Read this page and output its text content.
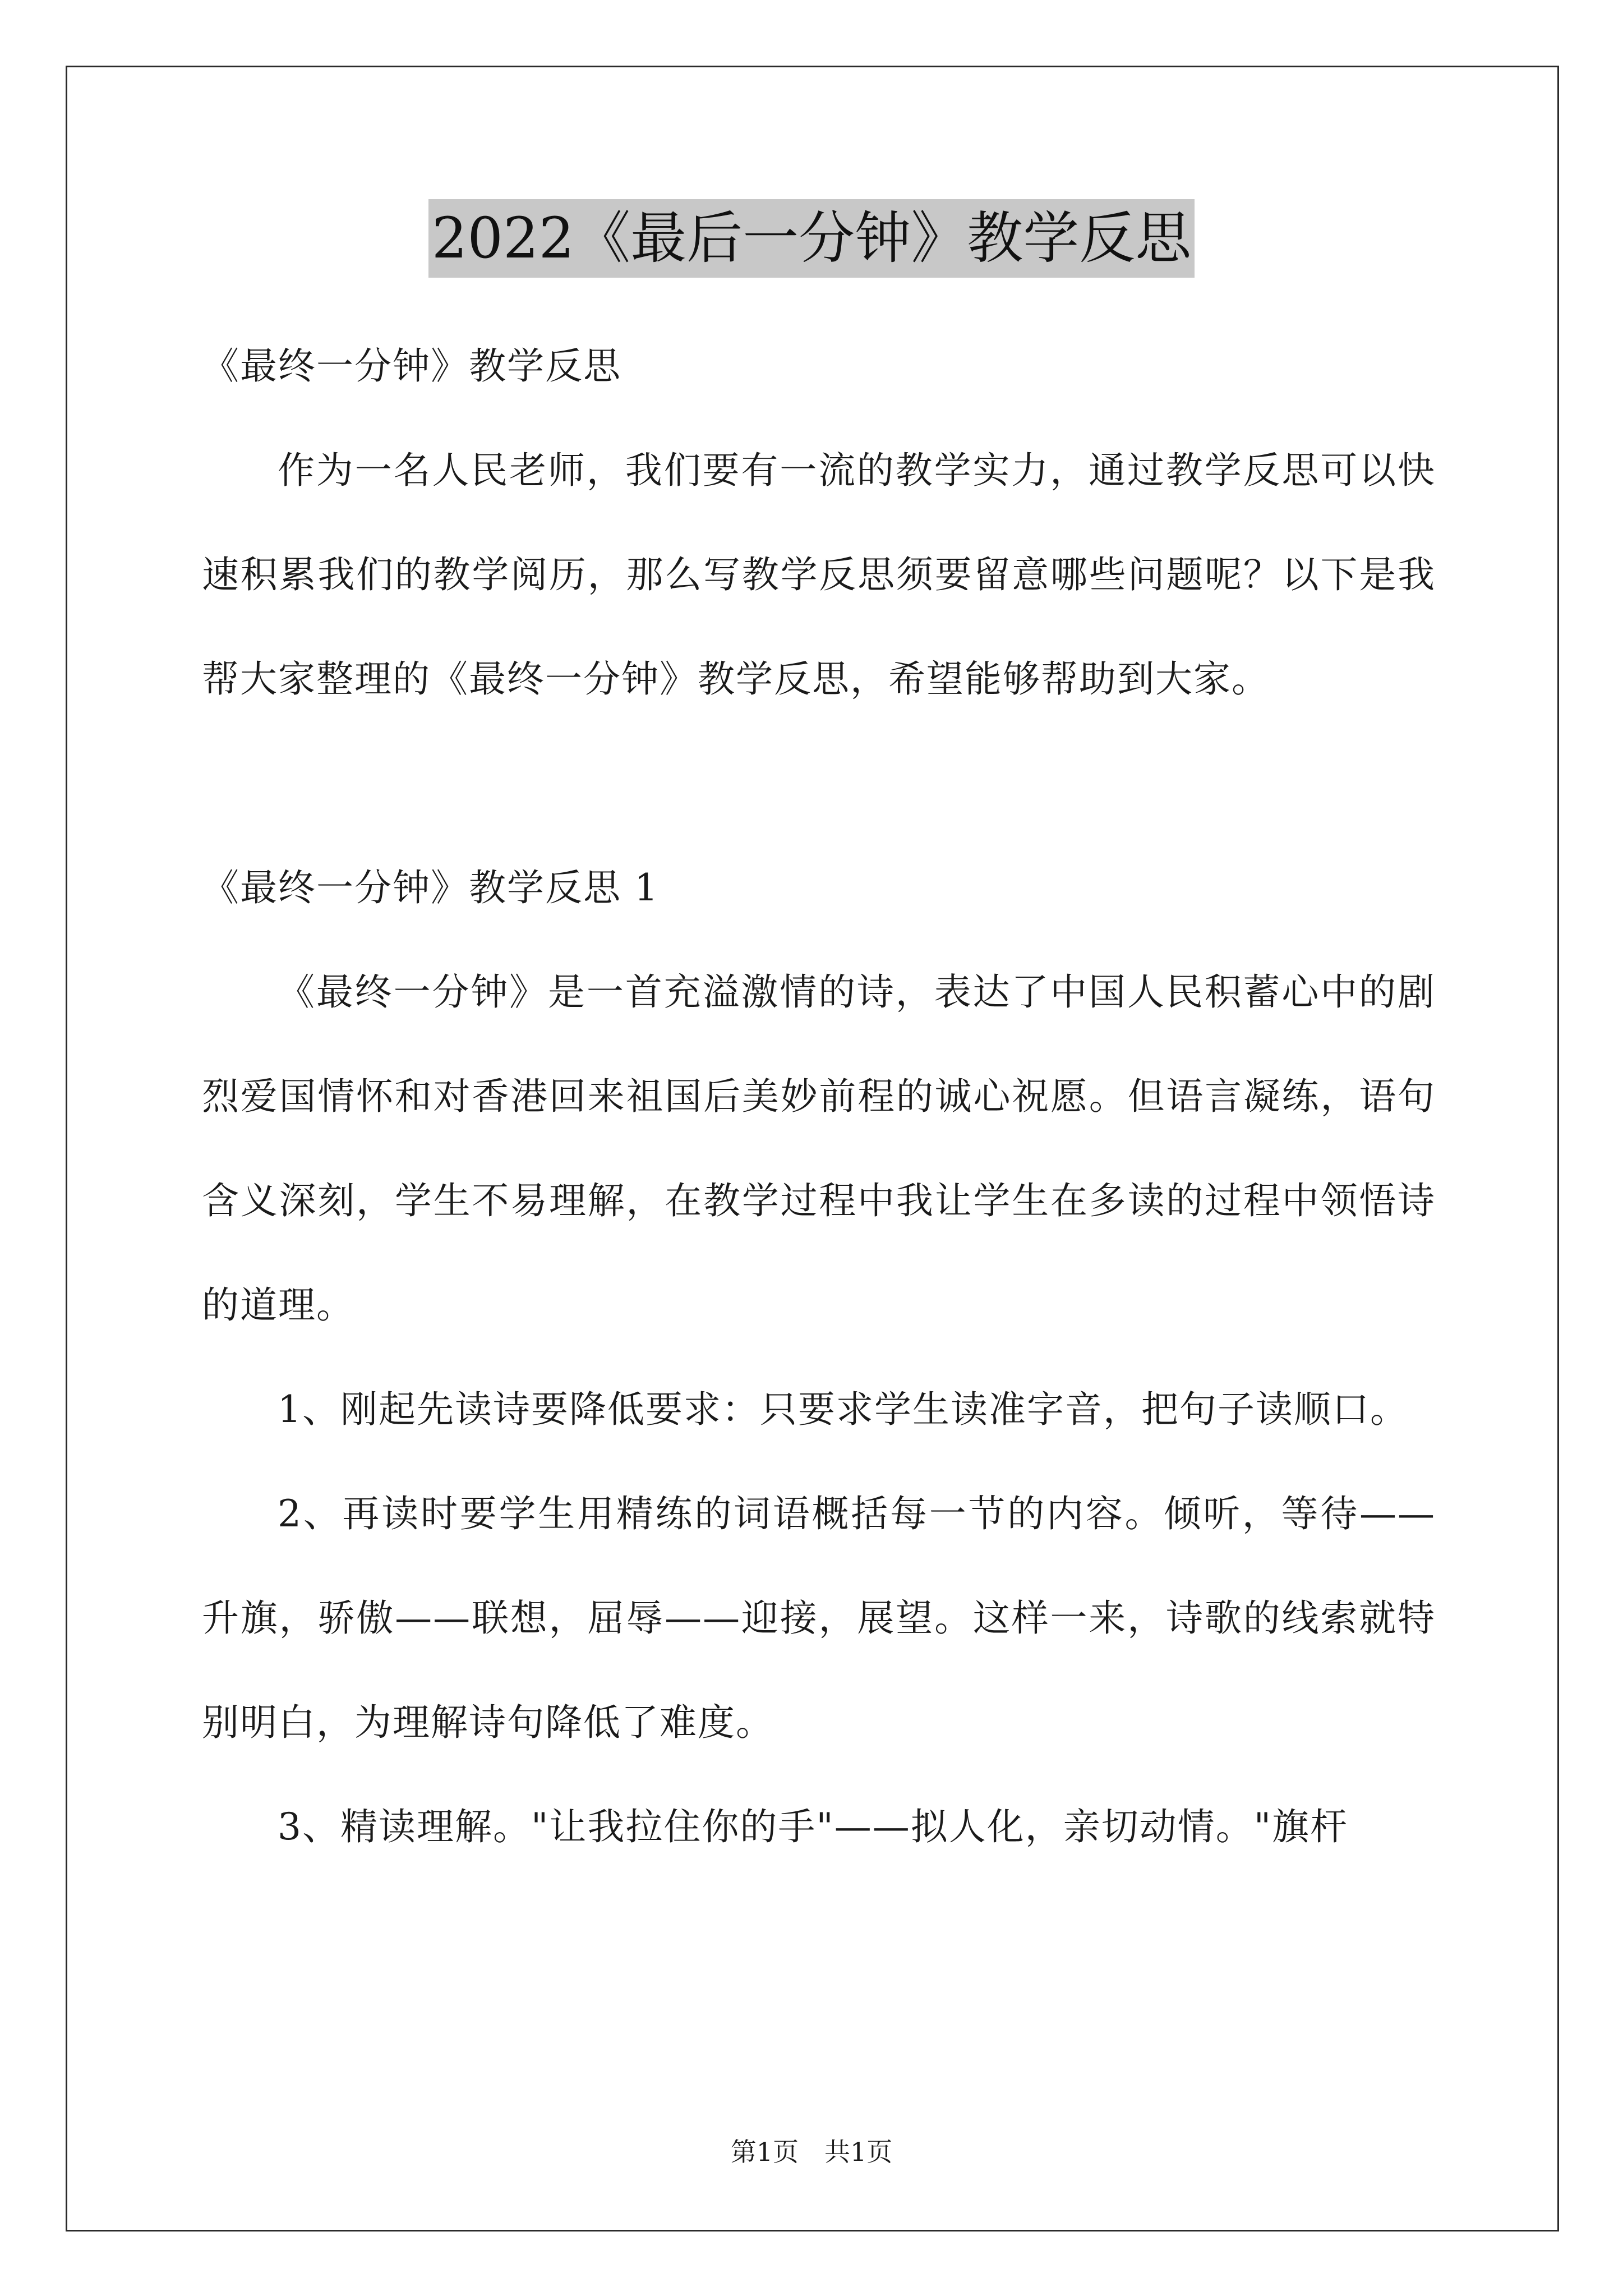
2022《最后一分钟》教学反思

《最终一分钟》教学反思

作为一名人民老师，我们要有一流的教学实力，通过教学反思可以快速积累我们的教学阅历，那么写教学反思须要留意哪些问题呢？以下是我帮大家整理的《最终一分钟》教学反思，希望能够帮助到大家。

《最终一分钟》教学反思 1

《最终一分钟》是一首充溢激情的诗，表达了中国人民积蓄心中的剧烈爱国情怀和对香港回来祖国后美妙前程的诚心祝愿。但语言凝练，语句含义深刻，学生不易理解，在教学过程中我让学生在多读的过程中领悟诗的道理。

1、刚起先读诗要降低要求：只要求学生读准字音，把句子读顺口。

2、再读时要学生用精练的词语概括每一节的内容。倾听，等待——升旗，骄傲——联想，屈辱——迎接，展望。这样一来，诗歌的线索就特别明白，为理解诗句降低了难度。

3、精读理解。"让我拉住你的手"——拟人化，亲切动情。"旗杆

第1页　共1页
